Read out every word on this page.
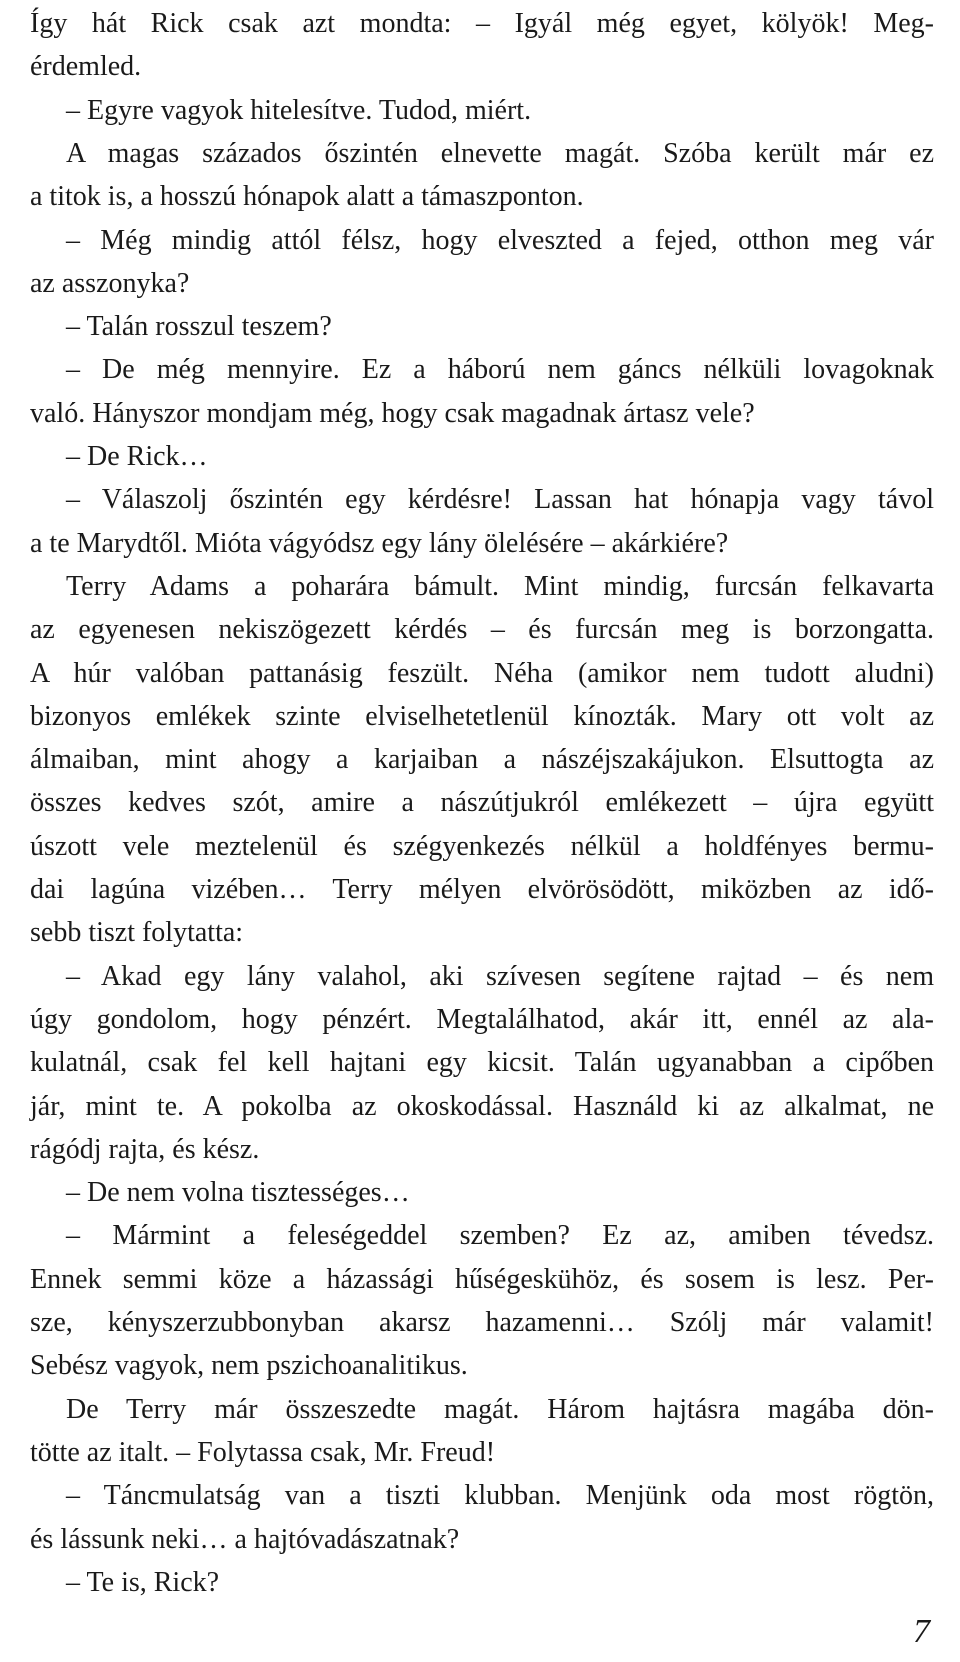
Így hát Rick csak azt mondta: – Igyál még egyet, kölyök! Meg-
érdemled.
– Egyre vagyok hitelesítve. Tudod, miért.
A magas százados őszintén elnevette magát. Szóba került már ez
a titok is, a hosszú hónapok alatt a támaszponton.
– Még mindig attól félsz, hogy elveszted a fejed, otthon meg vár
az asszonyka?
– Talán rosszul teszem?
– De még mennyire. Ez a háború nem gáncs nélküli lovagoknak
való. Hányszor mondjam még, hogy csak magadnak ártasz vele?
– De Rick…
– Válaszolj őszintén egy kérdésre! Lassan hat hónapja vagy távol
a te Marydtől. Mióta vágyódsz egy lány ölelésére – akárkiére?
Terry Adams a poharára bámult. Mint mindig, furcsán felkavarta
az egyenesen nekiszögezett kérdés – és furcsán meg is borzongatta.
A húr valóban pattanásig feszült. Néha (amikor nem tudott aludni)
bizonyos emlékek szinte elviselhetetlenül kínozták. Mary ott volt az
álmaiban, mint ahogy a karjaiban a nászéjszakájukon. Elsuttogta az
összes kedves szót, amire a nászútjukról emlékezett – újra együtt
úszott vele meztelenül és szégyenkezés nélkül a holdfényes bermu-
dai lagúna vizében… Terry mélyen elvörösödött, miközben az idő-
sebb tiszt folytatta:
– Akad egy lány valahol, aki szívesen segítene rajtad – és nem
úgy gondolom, hogy pénzért. Megtalálhatod, akár itt, ennél az ala-
kulatnál, csak fel kell hajtani egy kicsit. Talán ugyanabban a cipőben
jár, mint te. A pokolba az okoskodással. Használd ki az alkalmat, ne
rágódj rajta, és kész.
– De nem volna tisztességes…
– Mármint a feleségeddel szemben? Ez az, amiben tévedsz.
Ennek semmi köze a házassági hűségeskühöz, és sosem is lesz. Per-
sze, kényszerzubbonyban akarsz hazamenni… Szólj már valamit!
Sebész vagyok, nem pszichoanalitikus.
De Terry már összeszedte magát. Három hajtásra magába dön-
tötte az italt. – Folytassa csak, Mr. Freud!
– Táncmulatság van a tiszti klubban. Menjünk oda most rögtön,
és lássunk neki… a hajtóvadászatnak?
– Te is, Rick?
7
